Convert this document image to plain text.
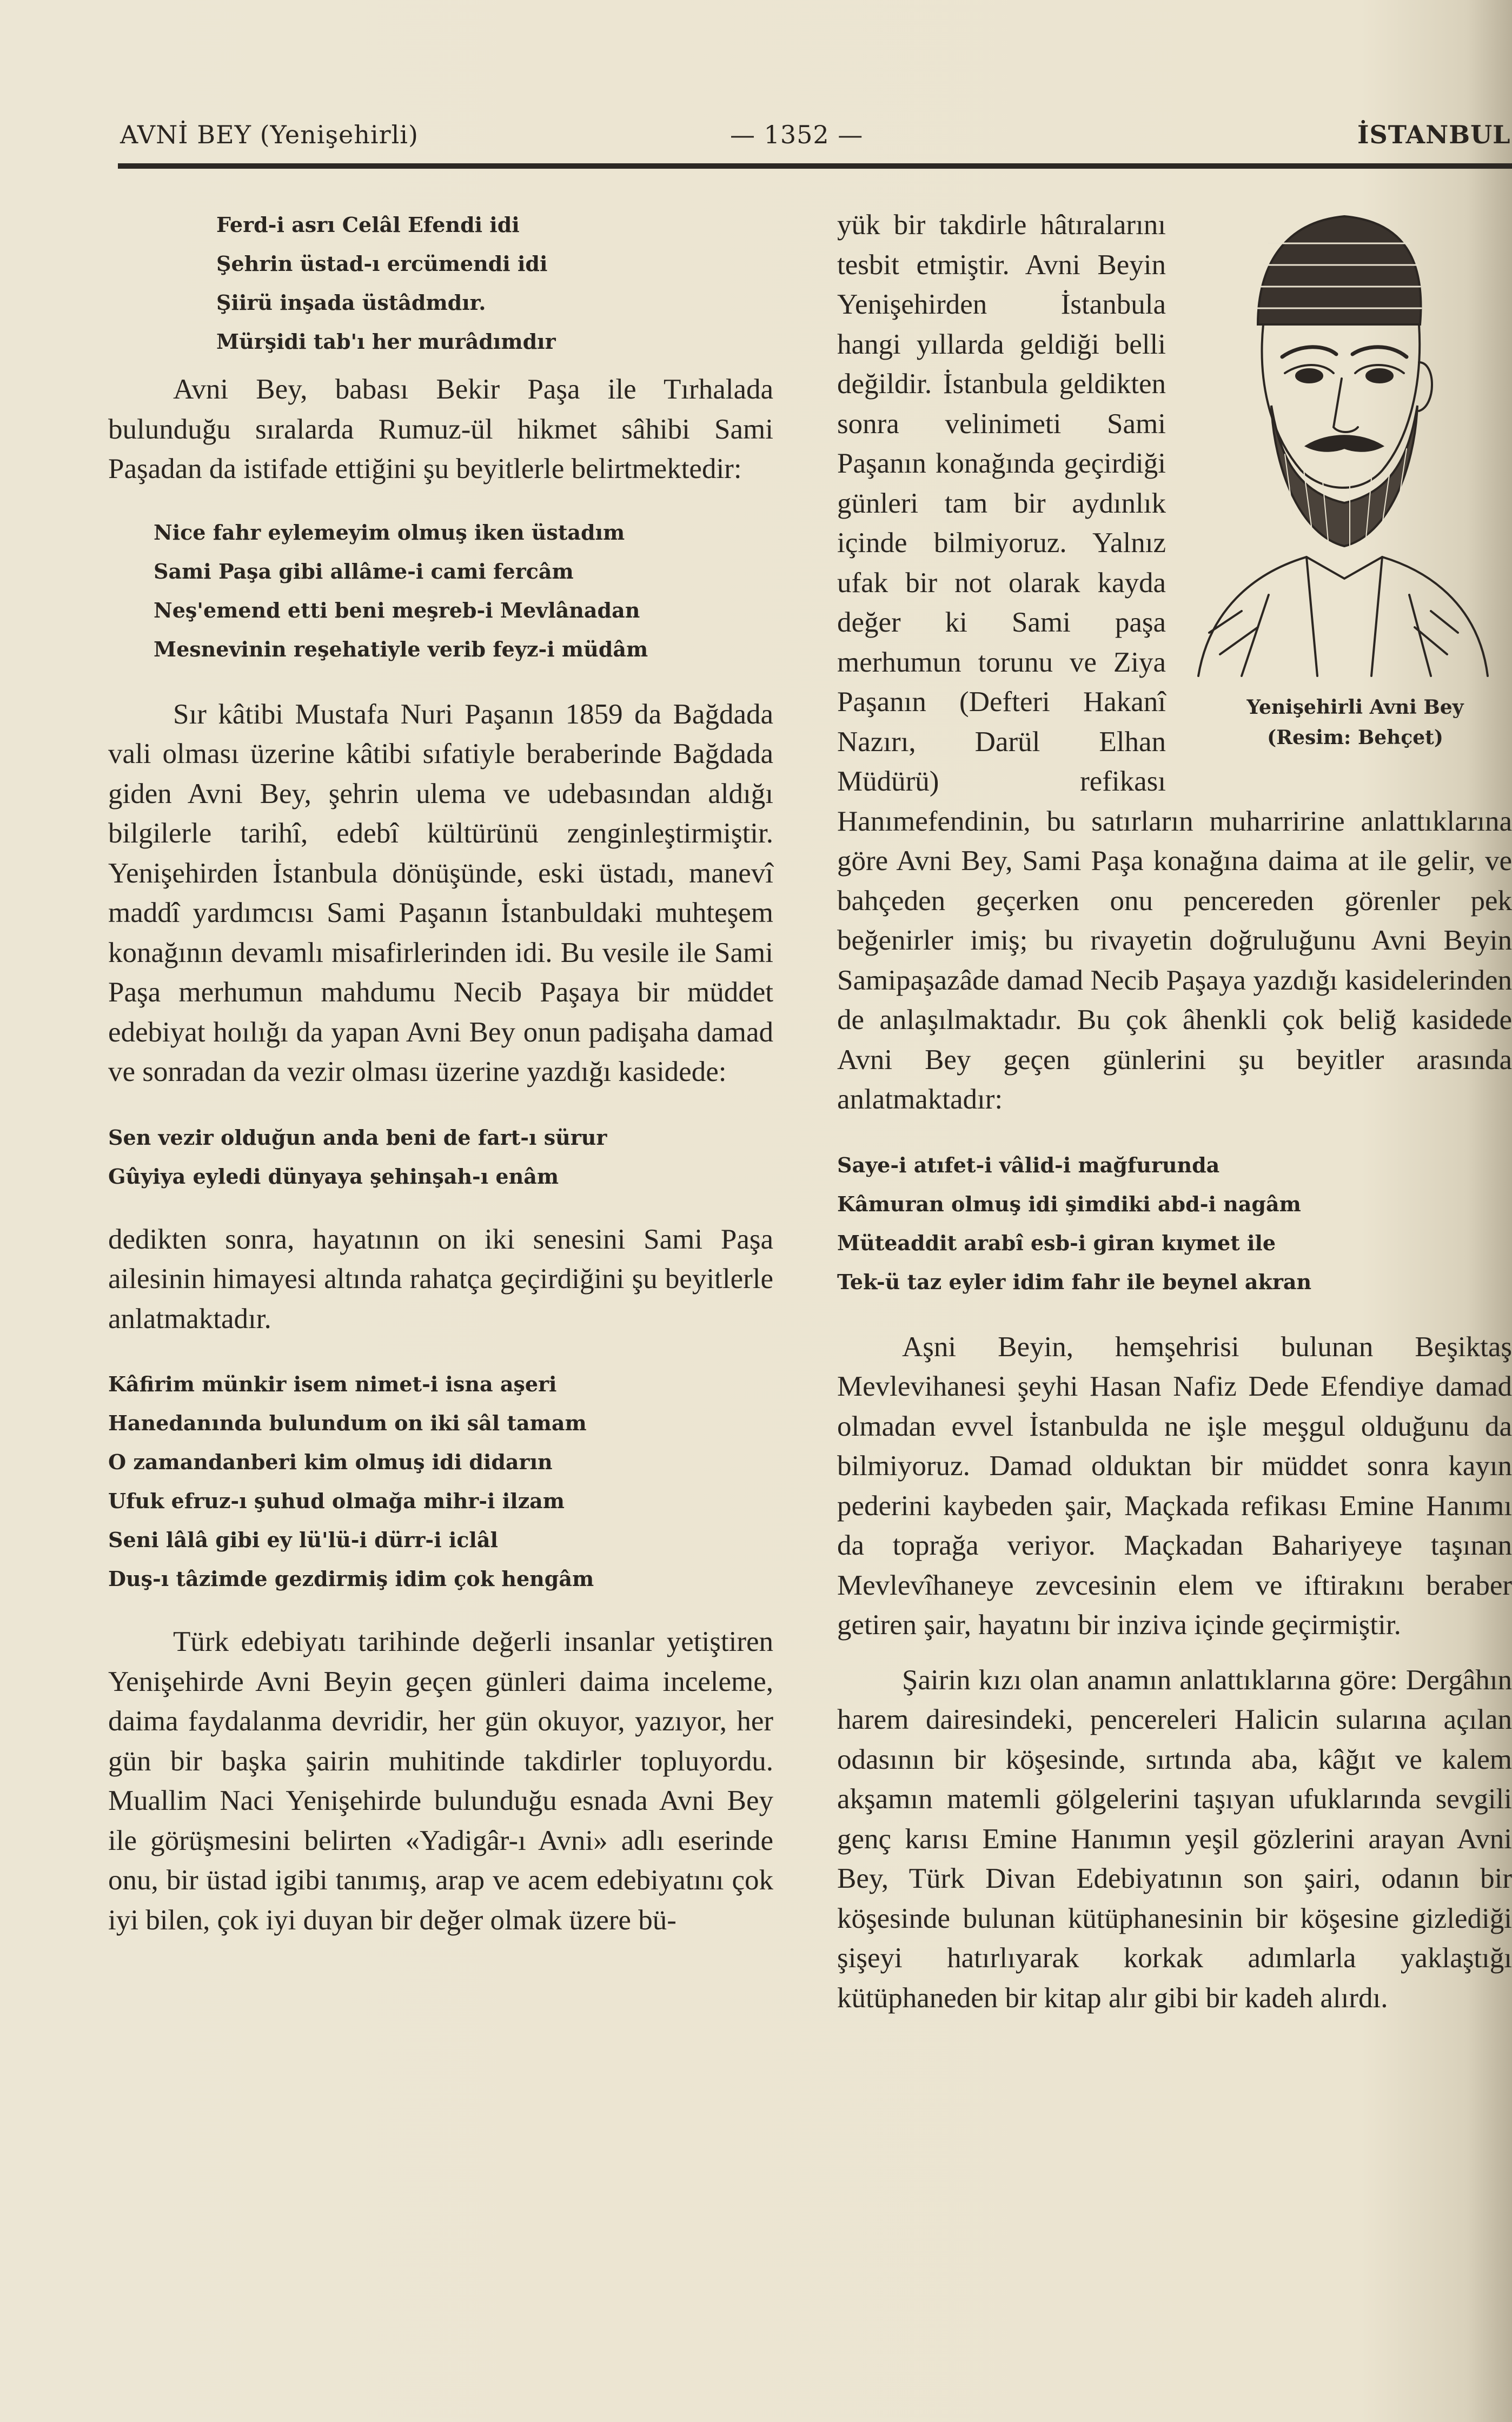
AVNİ BEY (Yenişehirli)	— 1352 —	İSTANBUL
Ferd-i asrı Celâl Efendi idi
Şehrin üstad-ı ercümendi idi
Şiirü inşada üstâdmdır.
Mürşidi tab'ı her murâdımdır
Avni Bey, babası Bekir Paşa ile Tırhalada bulunduğu sıralarda Rumuz-ül hikmet sâhibi Sami Paşadan da istifade ettiğini şu beyitlerle belirtmektedir:
Nice fahr eylemeyim olmuş iken üstadım
Sami Paşa gibi allâme-i cami fercâm
Neş'emend etti beni meşreb-i Mevlânadan
Mesnevinin reşehatiyle verib feyz-i müdâm
Sır kâtibi Mustafa Nuri Paşanın 1859 da Bağdada vali olması üzerine kâtibi sıfatiyle beraberinde Bağdada giden Avni Bey, şehrin ulema ve udebasından aldığı bilgilerle tarihî, edebî kültürünü zenginleştirmiştir. Yenişehirden İstanbula dönüşünde, eski üstadı, manevî maddî yardımcısı Sami Paşanın İstanbuldaki muhteşem konağının devamlı misafirlerinden idi. Bu vesile ile Sami Paşa merhumun mahdumu Necib Paşaya bir müddet edebiyat hoılığı da yapan Avni Bey onun padişaha damad ve sonradan da vezir olması üzerine yazdığı kasidede:
Sen vezir olduğun anda beni de fart-ı sürur
Gûyiya eyledi dünyaya şehinşah-ı enâm
dedikten sonra, hayatının on iki senesini Sami Paşa ailesinin himayesi altında rahatça geçirdiğini şu beyitlerle anlatmaktadır.
Kâfirim münkir isem nimet-i isna aşeri
Hanedanında bulundum on iki sâl tamam
O zamandanberi kim olmuş idi didarın
Ufuk efruz-ı şuhud olmağa mihr-i ilzam
Seni lâlâ gibi ey lü'lü-i dürr-i iclâl
Duş-ı tâzimde gezdirmiş idim çok hengâm
Türk edebiyatı tarihinde değerli insanlar yetiştiren Yenişehirde Avni Beyin geçen günleri daima inceleme, daima faydalanma devridir, her gün okuyor, yazıyor, her gün bir başka şairin muhitinde takdirler topluyordu. Muallim Naci Yenişehirde bulunduğu esnada Avni Bey ile görüşmesini belirten «Yadigâr-ı Avni» adlı eserinde onu, bir üstad igibi tanımış, arap ve acem edebiyatını çok iyi bilen, çok iyi duyan bir değer olmak üzere bü-
Yenişehirli Avni Bey
(Resim: Behçet)
yük bir takdirle hâtıralarını tesbit etmiştir. Avni Beyin Yenişehirden İstanbula hangi yıllarda geldiği belli değildir. İstanbula geldikten sonra velinimeti Sami Paşanın konağında geçirdiği günleri tam bir aydınlık içinde bilmiyoruz. Yalnız ufak bir not olarak kayda değer ki Sami paşa merhumun torunu ve Ziya Paşanın (Defteri Hakanî Nazırı, Darül Elhan Müdürü) refikası Hanımefendinin, bu satırların muharririne anlattıklarına göre Avni Bey, Sami Paşa konağına daima at ile gelir, ve bahçeden geçerken onu pencereden görenler pek beğenirler imiş; bu rivayetin doğruluğunu Avni Beyin Samipaşazâde damad Necib Paşaya yazdığı kasidelerinden de anlaşılmaktadır. Bu çok âhenkli çok beliğ kasidede Avni Bey geçen günlerini şu beyitler arasında anlatmaktadır:
Saye-i atıfet-i vâlid-i mağfurunda
Kâmuran olmuş idi şimdiki abd-i nagâm
Müteaddit arabî esb-i giran kıymet ile
Tek-ü taz eyler idim fahr ile beynel akran
Aşni Beyin, hemşehrisi bulunan Beşiktaş Mevlevihanesi şeyhi Hasan Nafiz Dede Efendiye damad olmadan evvel İstanbulda ne işle meşgul olduğunu da bilmiyoruz. Damad olduktan bir müddet sonra kayın pederini kaybeden şair, Maçkada refikası Emine Hanımı da toprağa veriyor. Maçkadan Bahariyeye taşınan Mevlevîhaneye zevcesinin elem ve iftirakını beraber getiren şair, hayatını bir inziva içinde geçirmiştir.
Şairin kızı olan anamın anlattıklarına göre: Dergâhın harem dairesindeki, pencereleri Halicin sularına açılan odasının bir köşesinde, sırtında aba, kâğıt ve kalem akşamın matemli gölgelerini taşıyan ufuklarında sevgili genç karısı Emine Hanımın yeşil gözlerini arayan Avni Bey, Türk Divan Edebiyatının son şairi, odanın bir köşesinde bulunan kütüphanesinin bir köşesine gizlediği şişeyi hatırlıyarak korkak adımlarla yaklaştığı kütüphaneden bir kitap alır gibi bir kadeh alırdı.
